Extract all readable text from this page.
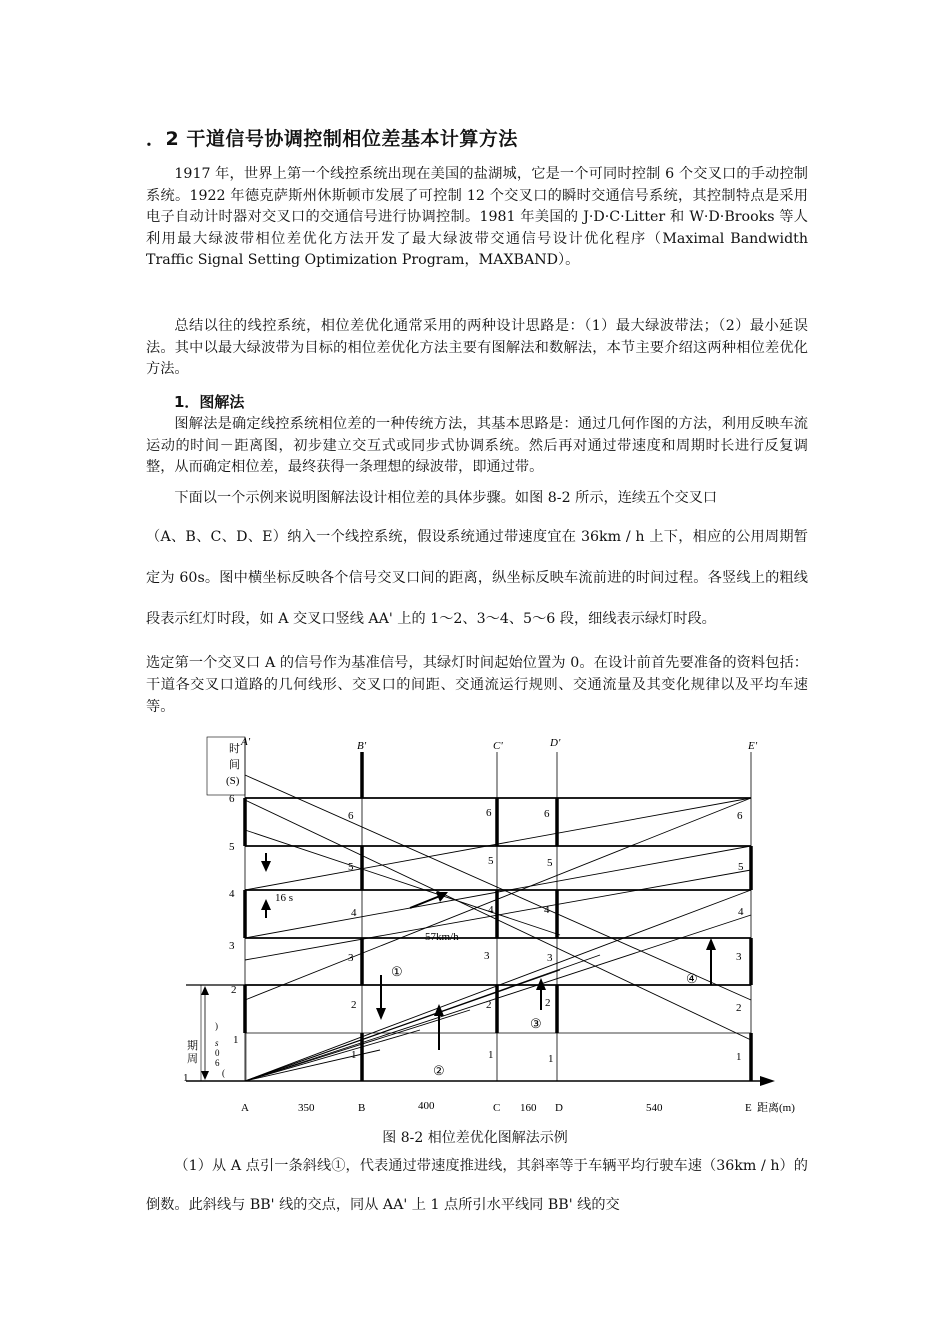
．2 干道信号协调控制相位差基本计算方法

1917 年，世界上第一个线控系统出现在美国的盐湖城，它是一个可同时控制 6 个交叉口的手动控制系统。1922 年德克萨斯州休斯顿市发展了可控制 12 个交叉口的瞬时交通信号系统，其控制特点是采用电子自动计时器对交叉口的交通信号进行协调控制。1981 年美国的 J·D·C·Litter 和 W·D·Brooks 等人利用最大绿波带相位差优化方法开发了最大绿波带交通信号设计优化程序（Maximal Bandwidth Traffic Signal Setting Optimization Program，MAXBAND）。

总结以往的线控系统，相位差优化通常采用的两种设计思路是：（1）最大绿波带法；（2）最小延误法。其中以最大绿波带为目标的相位差优化方法主要有图解法和数解法，本节主要介绍这两种相位差优化方法。

1．图解法

图解法是确定线控系统相位差的一种传统方法，其基本思路是：通过几何作图的方法，利用反映车流运动的时间－距离图，初步建立交互式或同步式协调系统。然后再对通过带速度和周期时长进行反复调整，从而确定相位差，最终获得一条理想的绿波带，即通过带。

下面以一个示例来说明图解法设计相位差的具体步骤。如图 8-2 所示，连续五个交叉口

（A、B、C、D、E）纳入一个线控系统，假设系统通过带速度宜在 36km / h 上下，相应的公用周期暂定为 60s。图中横坐标反映各个信号交叉口间的距离，纵坐标反映车流前进的时间过程。各竖线上的粗线段表示红灯时段，如 A 交叉口竖线 AA' 上的 1～2、3～4、5～6 段，细线表示绿灯时段。

选定第一个交叉口 A 的信号作为基准信号，其绿灯时间起始位置为 0。在设计前首先要准备的资料包括：干道各交叉口道路的几何线形、交叉口的间距、交通流运行规则、交通流量及其变化规律以及平均车速等。

时
间
(S)
A'	B'	C'	D'	E'
6
5
4
3
2
1
1
6
5
4
3
2
1
6
5
4
3
2
1
6
5
4
3
2
1
6
5
4
3
2
1
16 s
57km/h
①
②
③
④
期
周
)
s
0
6
(
A	350	B	400	C 160 D	540	E 距离(m)
图 8-2 相位差优化图解法示例

（1）从 A 点引一条斜线①，代表通过带速度推进线，其斜率等于车辆平均行驶车速（36km / h）的倒数。此斜线与 BB' 线的交点，同从 AA' 上 1 点所引水平线同 BB' 线的交
